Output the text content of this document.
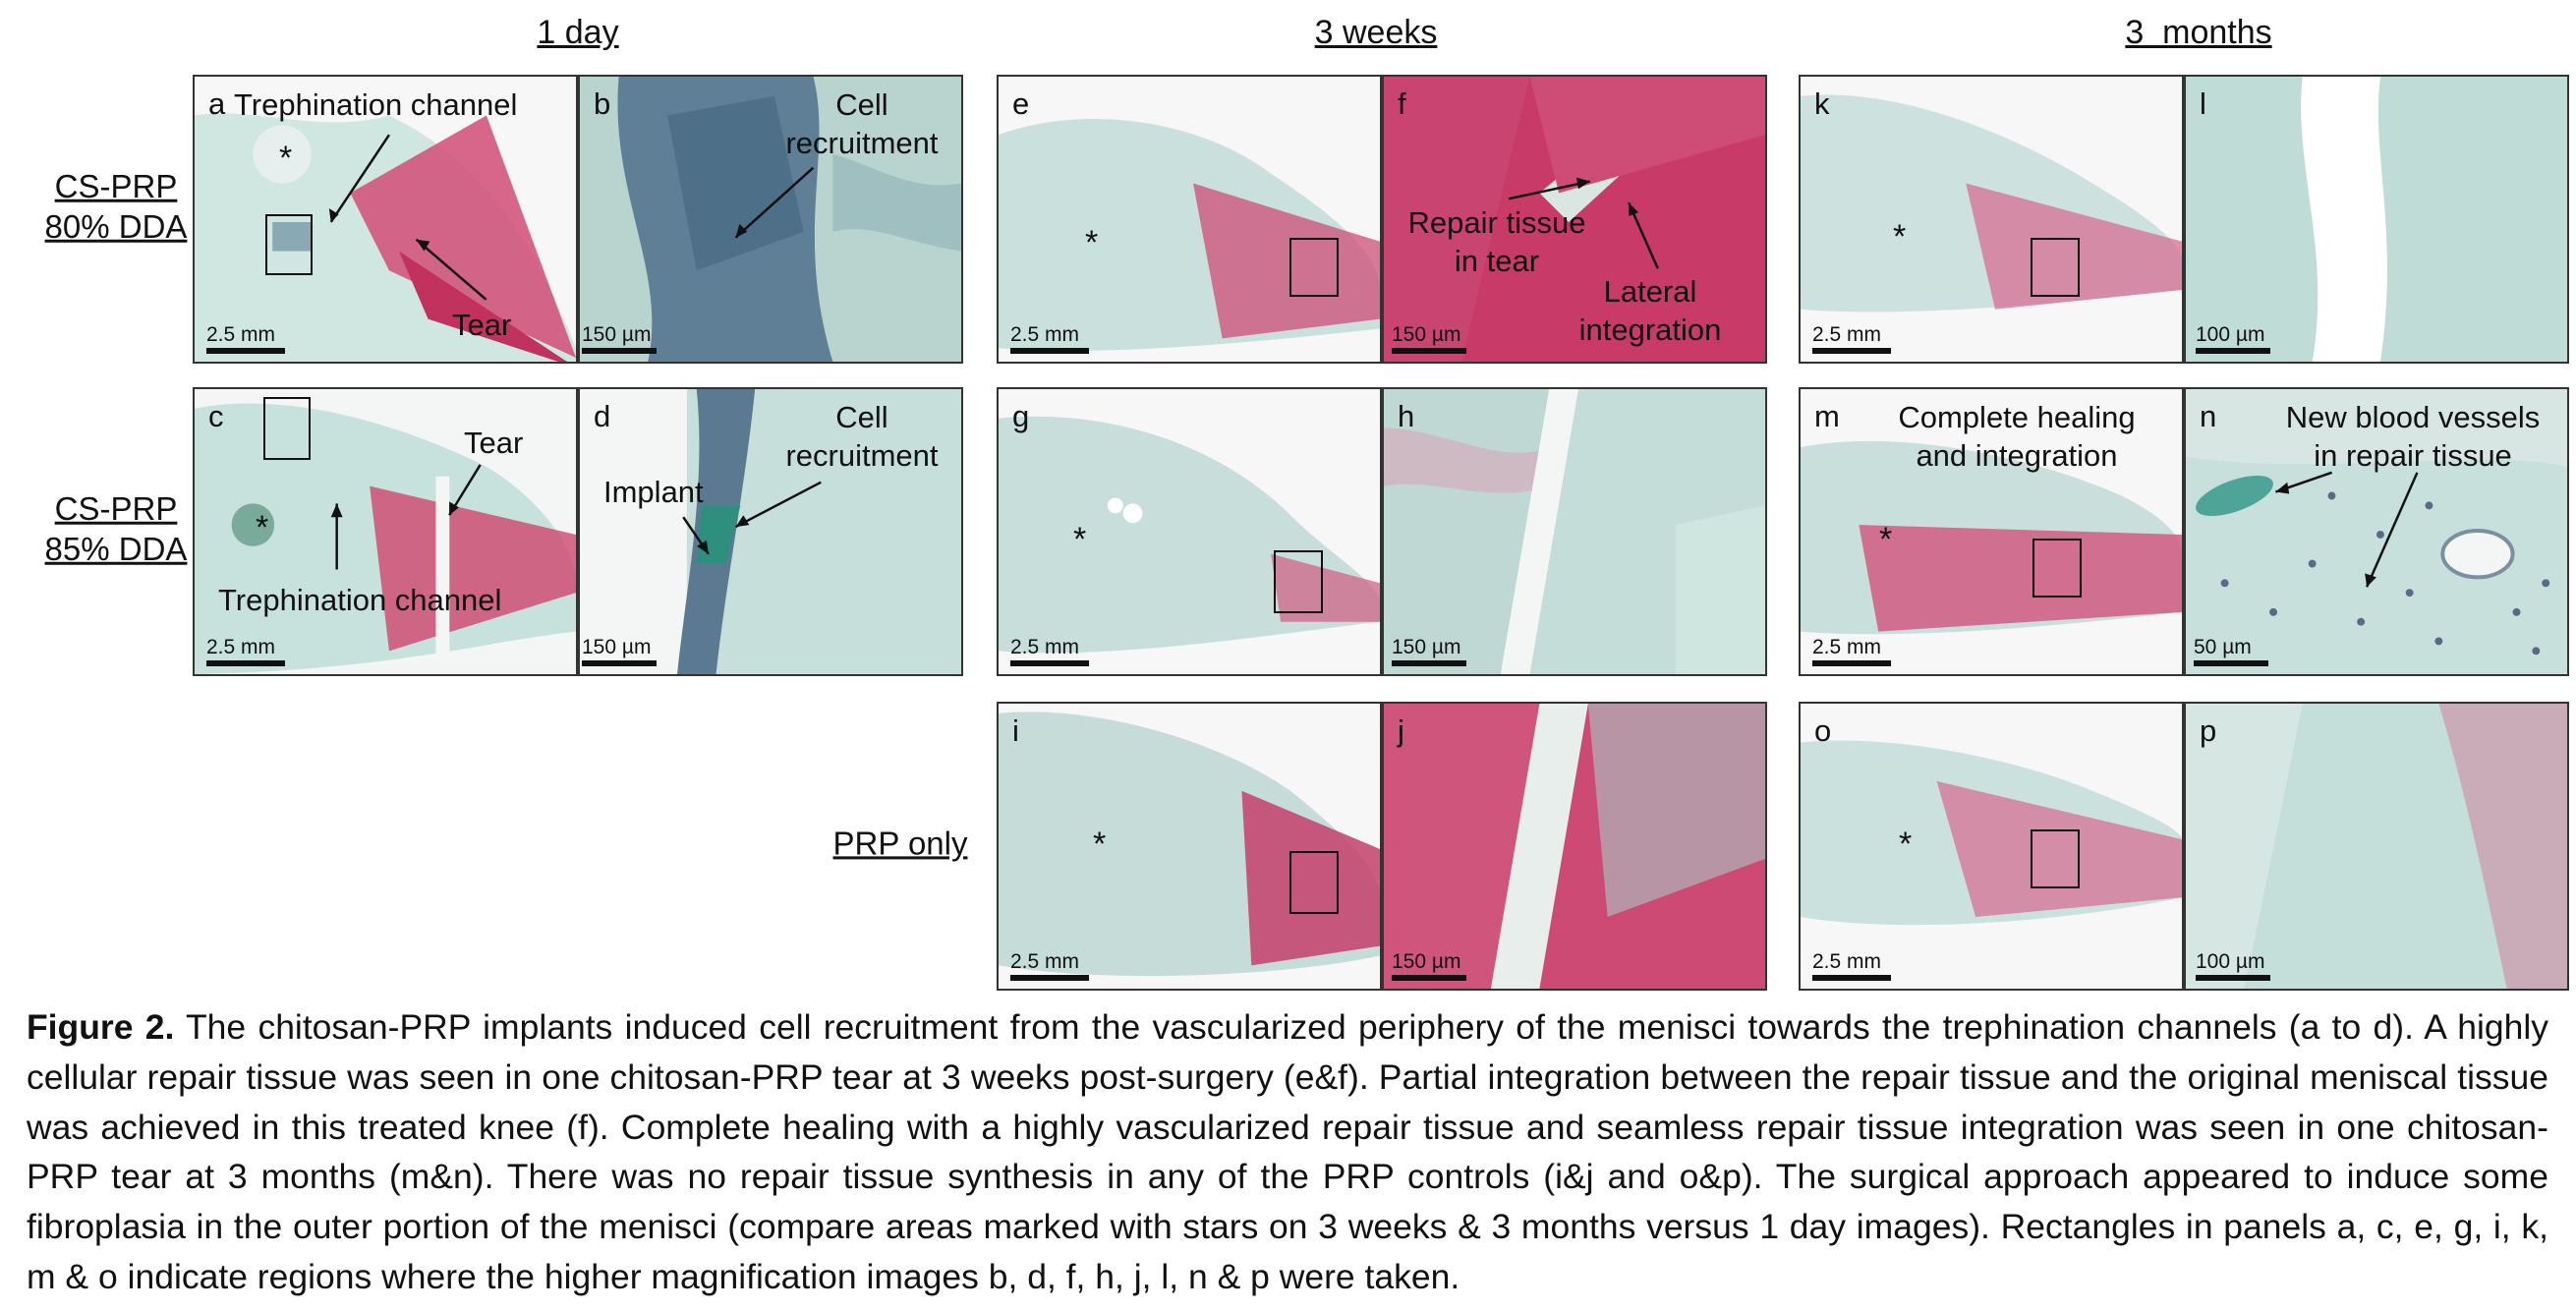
1 day	3 weeks	3  months
CS-PRP
80% DDA
CS-PRP
85% DDA
PRP only
a Trephination channel
Tear
*
2.5 mm
b	Cell
recruitment
150 µm
c
Tear
Trephination channel
*
2.5 mm
d	Cell
recruitment
Implant
150 µm
e
*
2.5 mm
f
Repair tissue
in tear
Lateral
integration
150 µm
g
*
2.5 mm
h
150 µm
i
*
2.5 mm
j
150 µm
k
*
2.5 mm
l
100 µm
m	Complete healing
and integration
*
2.5 mm
n	New blood vessels
in repair tissue
50 µm
o
*
2.5 mm
p
100 µm
Figure 2. The chitosan-PRP implants induced cell recruitment from the vascularized periphery of the menisci towards the trephination channels (a to d). A highly cellular repair tissue was seen in one chitosan-PRP tear at 3 weeks post-surgery (e&f). Partial integration between the repair tissue and the original meniscal tissue was achieved in this treated knee (f). Complete healing with a highly vascularized repair tissue and seamless repair tissue integration was seen in one chitosan-PRP tear at 3 months (m&n). There was no repair tissue synthesis in any of the PRP controls (i&j and o&p). The surgical approach appeared to induce some fibroplasia in the outer portion of the menisci (compare areas marked with stars on 3 weeks & 3 months versus 1 day images). Rectangles in panels a, c, e, g, i, k, m & o indicate regions where the higher magnification images b, d, f, h, j, l, n & p were taken.
